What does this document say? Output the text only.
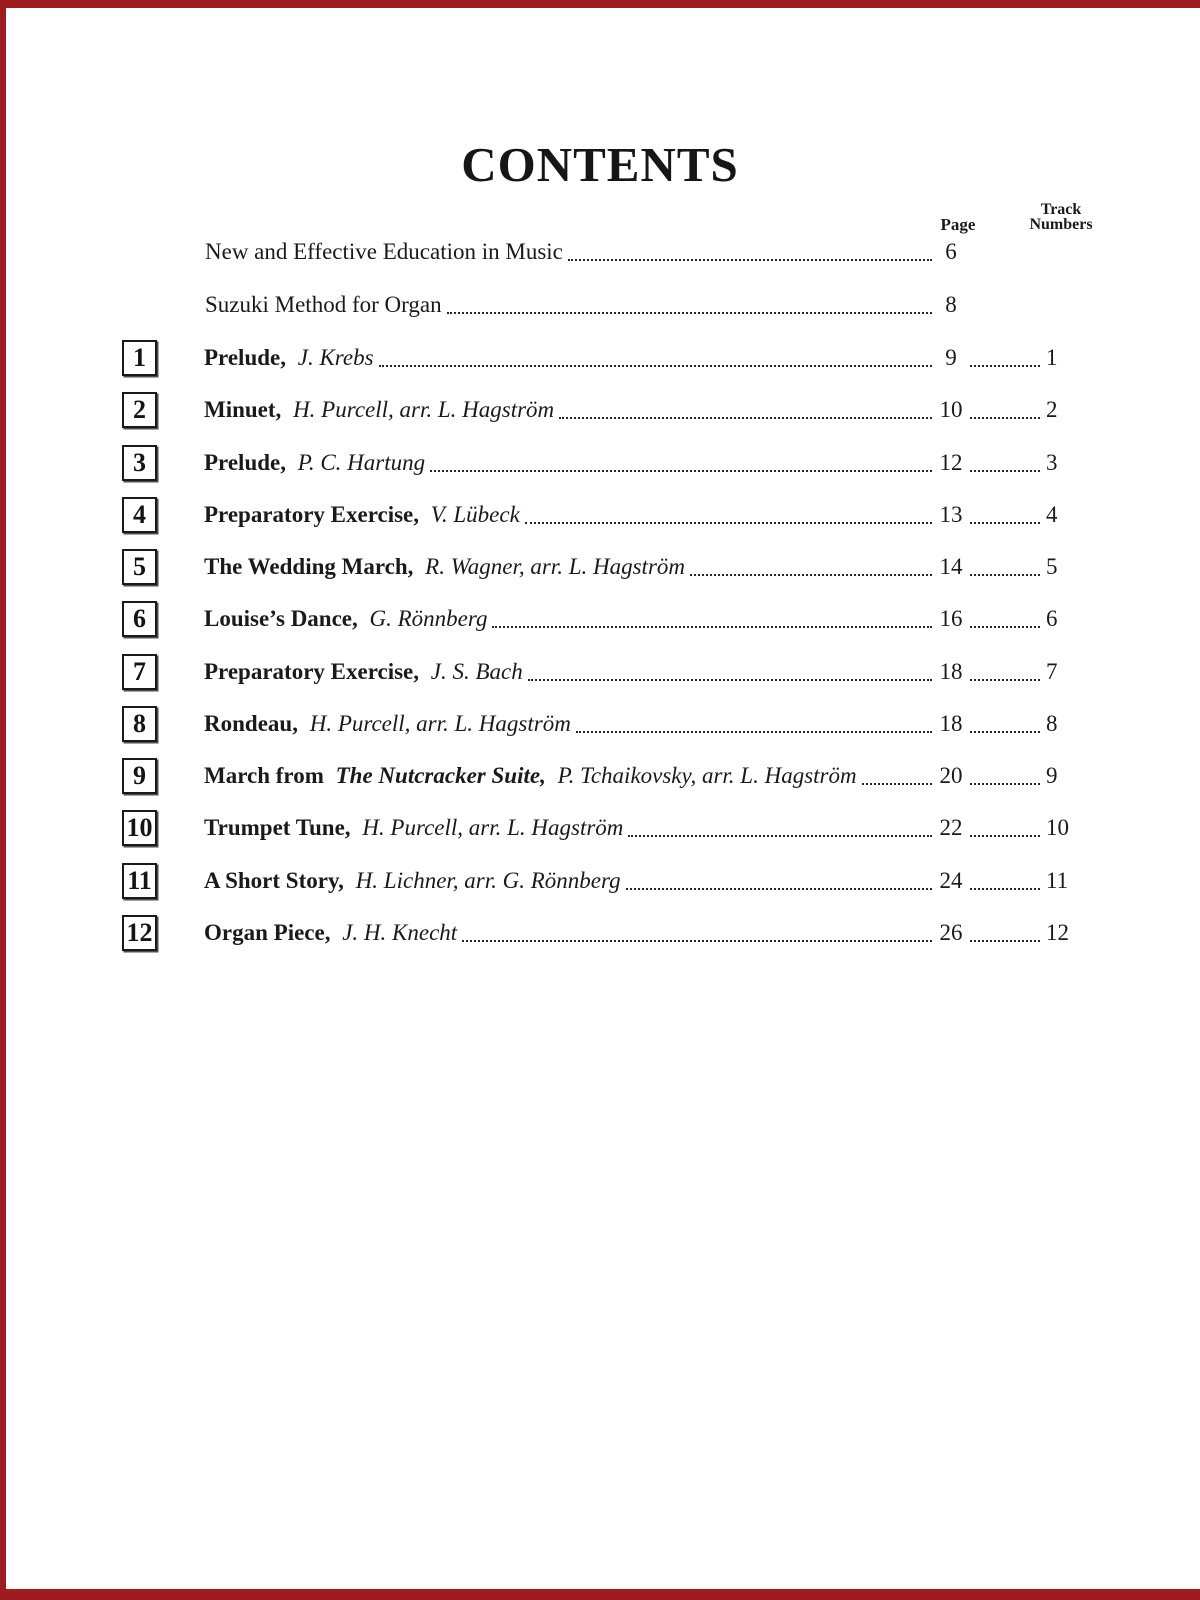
CONTENTS
Page
Track
Numbers
New and Effective Education in Music	6
Suzuki Method for Organ	8
1	Prelude, J. Krebs	9	1
2	Minuet, H. Purcell, arr. L. Hagström	10	2
3	Prelude, P. C. Hartung	12	3
4	Preparatory Exercise, V. Lübeck	13	4
5	The Wedding March, R. Wagner, arr. L. Hagström	14	5
6	Louise’s Dance, G. Rönnberg	16	6
7	Preparatory Exercise, J. S. Bach	18	7
8	Rondeau, H. Purcell, arr. L. Hagström	18	8
9	March from The Nutcracker Suite, P. Tchaikovsky, arr. L. Hagström	20	9
10 Trumpet Tune, H. Purcell, arr. L. Hagström	22	10
11 A Short Story, H. Lichner, arr. G. Rönnberg	24	11
12 Organ Piece, J. H. Knecht	26	12
